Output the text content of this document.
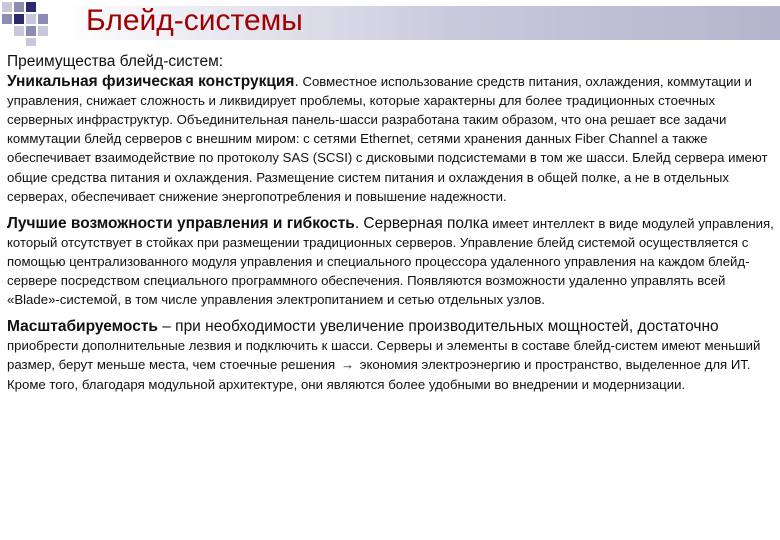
Блейд-системы
Преимущества блейд-систем:
Уникальная физическая конструкция. Совместное использование средств питания, охлаждения, коммутации и управления, снижает сложность и ликвидирует проблемы, которые характерны для более традиционных стоечных серверных инфраструктур. Объединительная панель-шасси разработана таким образом, что она решает все задачи коммутации блейд серверов с внешним миром: с сетями Ethernet, сетями хранения данных Fiber Channel а также обеспечивает взаимодействие по протоколу SAS (SCSI) с дисковыми подсистемами в том же шасси. Блейд сервера имеют общие средства питания и охлаждения. Размещение систем питания и охлаждения в общей полке, а не в отдельных серверах, обеспечивает снижение энергопотребления и повышение надежности.
Лучшие возможности управления и гибкость. Серверная полка имеет интеллект в виде модулей управления, который отсутствует в стойках при размещении традиционных серверов. Управление блейд системой осуществляется с помощью централизованного модуля управления и специального процессора удаленного управления на каждом блейд-сервере посредством специального программного обеспечения. Появляются возможности удаленно управлять всей «Blade»-системой, в том числе управления электропитанием и сетью отдельных узлов.
Масштабируемость – при необходимости увеличение производительных мощностей, достаточно приобрести дополнительные лезвия и подключить к шасси. Серверы и элементы в составе блейд-систем имеют меньший размер, берут меньше места, чем стоечные решения → экономия электроэнергию и пространство, выделенное для ИТ. Кроме того, благодаря модульной архитектуре, они являются более удобными во внедрении и модернизации.
